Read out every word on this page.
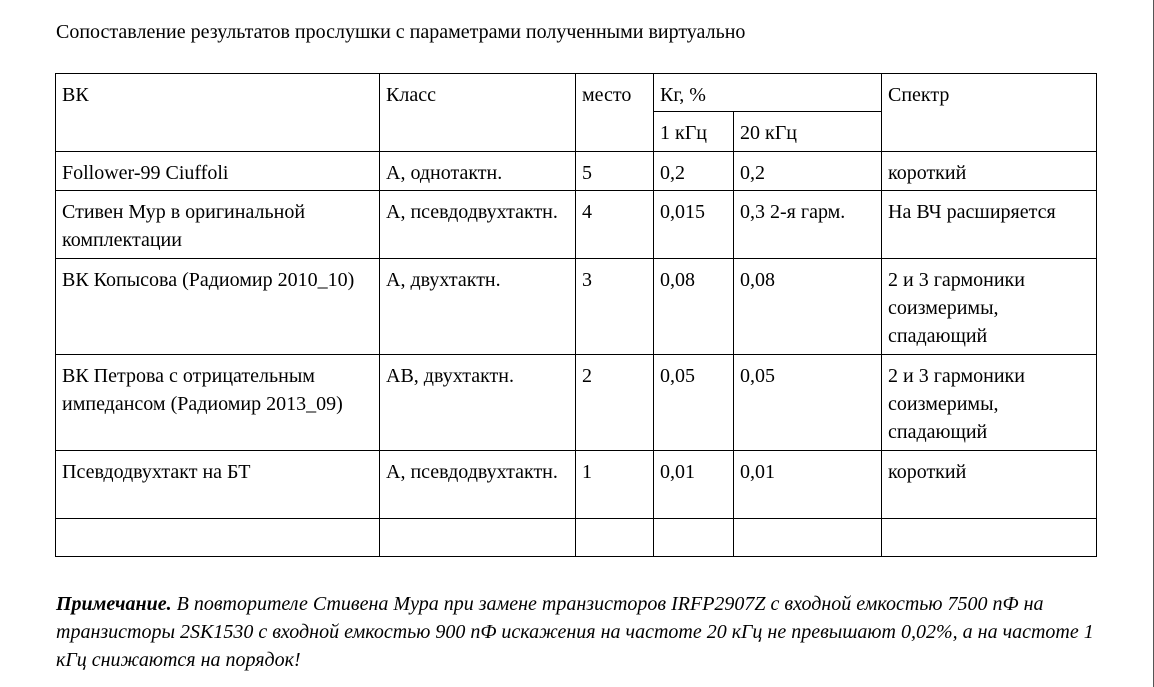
Сопоставление результатов прослушки с параметрами полученными виртуально
ВК	Класс	место	Кг, %		Спектр
			1 кГц	20 кГц	
Follower-99 Ciuffoli	А, однотактн.	5	0,2	0,2	короткий
Стивен Мур в оригинальной комплектации	А, псевдодвухтактн.	4	0,015	0,3 2-я гарм.	На ВЧ расширяется
ВК Копысова (Радиомир 2010_10)	А, двухтактн.	3	0,08	0,08	2 и 3 гармоники соизмеримы, спадающий
ВК Петрова с отрицательным импедансом (Радиомир 2013_09)	АВ, двухтактн.	2	0,05	0,05	2 и 3 гармоники соизмеримы, спадающий
Псевдодвухтакт на БТ	А, псевдодвухтактн.	1	0,01	0,01	короткий

Примечание. В повторителе Стивена Мура при замене транзисторов IRFP2907Z с входной емкостью 7500 пФ на транзисторы 2SK1530 с входной емкостью 900 пФ искажения на частоте 20 кГц не превышают 0,02%, а на частоте 1 кГц снижаются на порядок!
